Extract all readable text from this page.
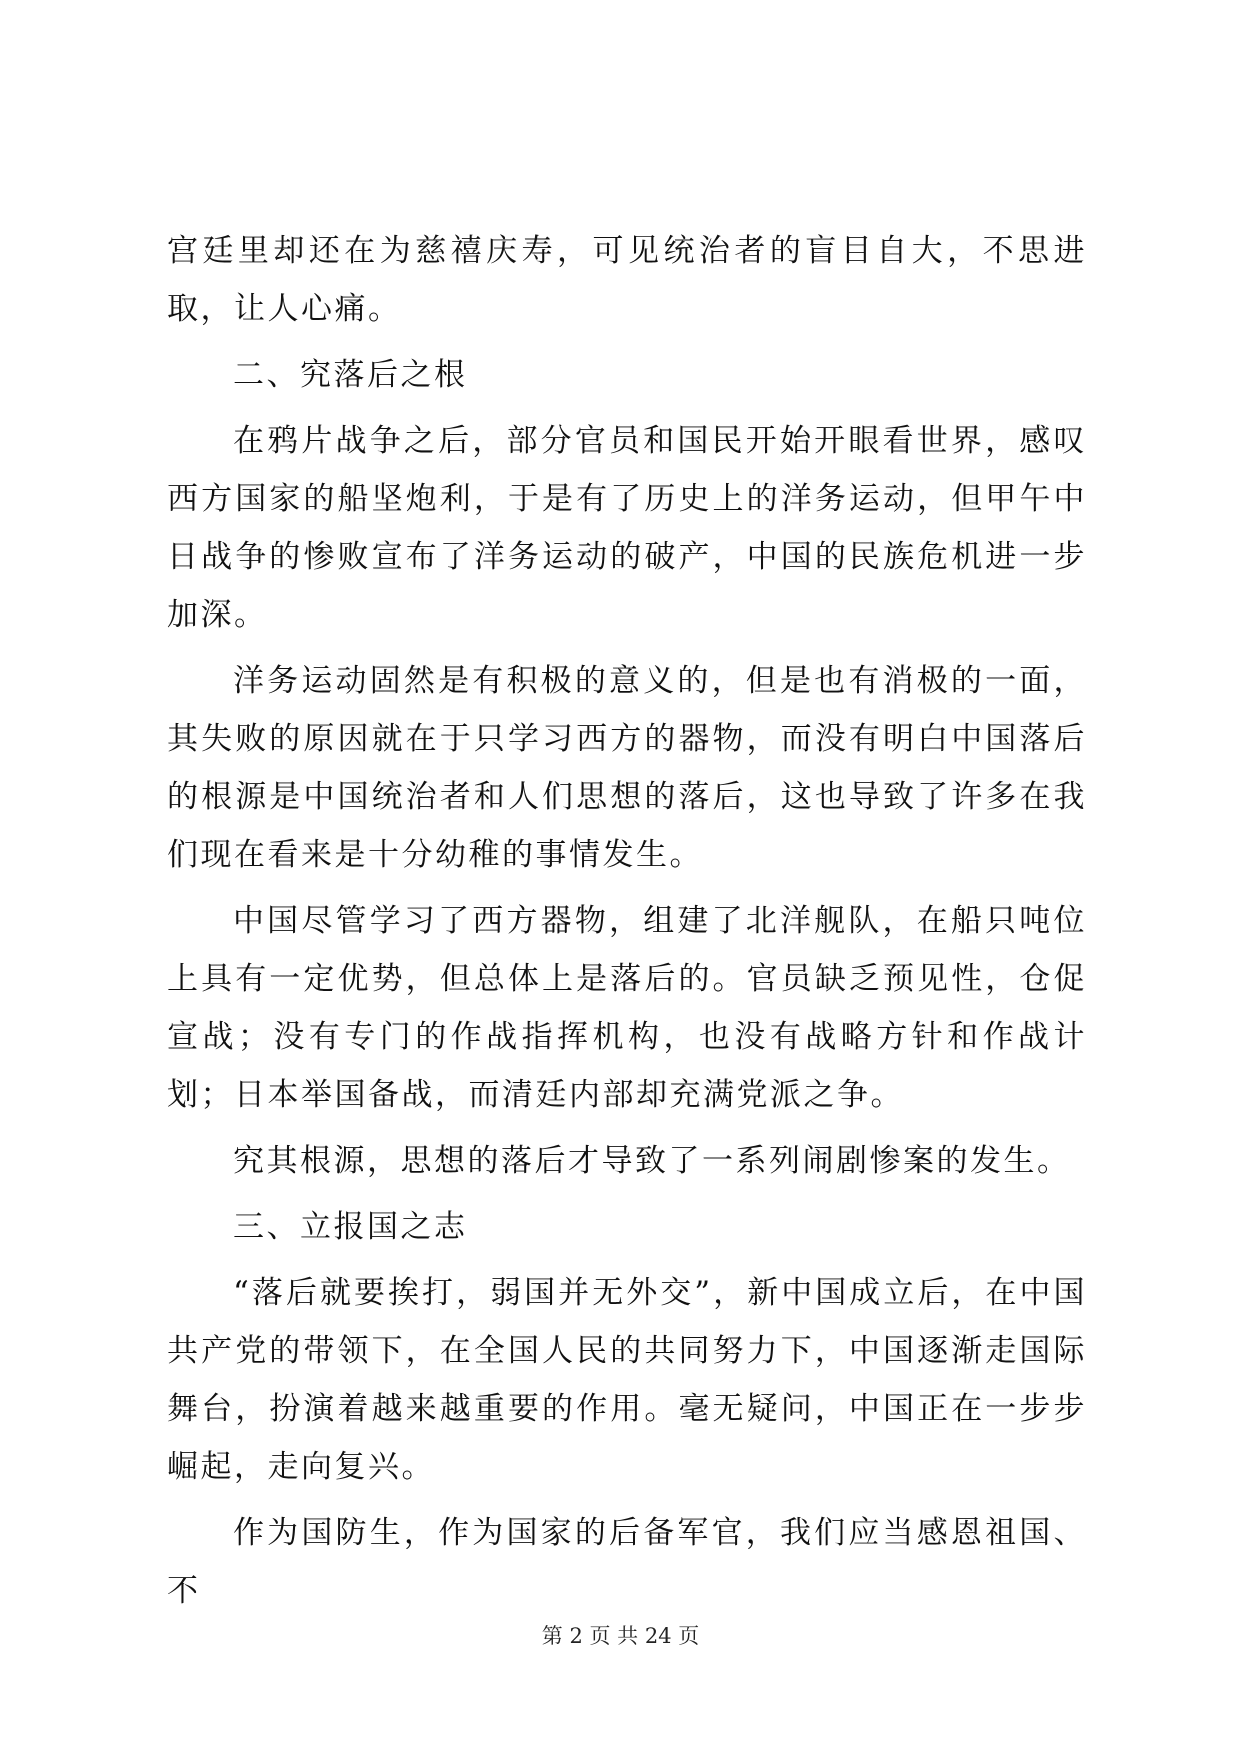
宫廷里却还在为慈禧庆寿，可见统治者的盲目自大，不思进取，让人心痛。

二、究落后之根

在鸦片战争之后，部分官员和国民开始开眼看世界，感叹西方国家的船坚炮利，于是有了历史上的洋务运动，但甲午中日战争的惨败宣布了洋务运动的破产，中国的民族危机进一步加深。

洋务运动固然是有积极的意义的，但是也有消极的一面，其失败的原因就在于只学习西方的器物，而没有明白中国落后的根源是中国统治者和人们思想的落后，这也导致了许多在我们现在看来是十分幼稚的事情发生。

中国尽管学习了西方器物，组建了北洋舰队，在船只吨位上具有一定优势，但总体上是落后的。官员缺乏预见性，仓促宣战；没有专门的作战指挥机构，也没有战略方针和作战计划；日本举国备战，而清廷内部却充满党派之争。

究其根源，思想的落后才导致了一系列闹剧惨案的发生。

三、立报国之志

“落后就要挨打，弱国并无外交”，新中国成立后，在中国共产党的带领下，在全国人民的共同努力下，中国逐渐走国际舞台，扮演着越来越重要的作用。毫无疑问，中国正在一步步崛起，走向复兴。

作为国防生，作为国家的后备军官，我们应当感恩祖国、不

第 2 页 共 24 页
